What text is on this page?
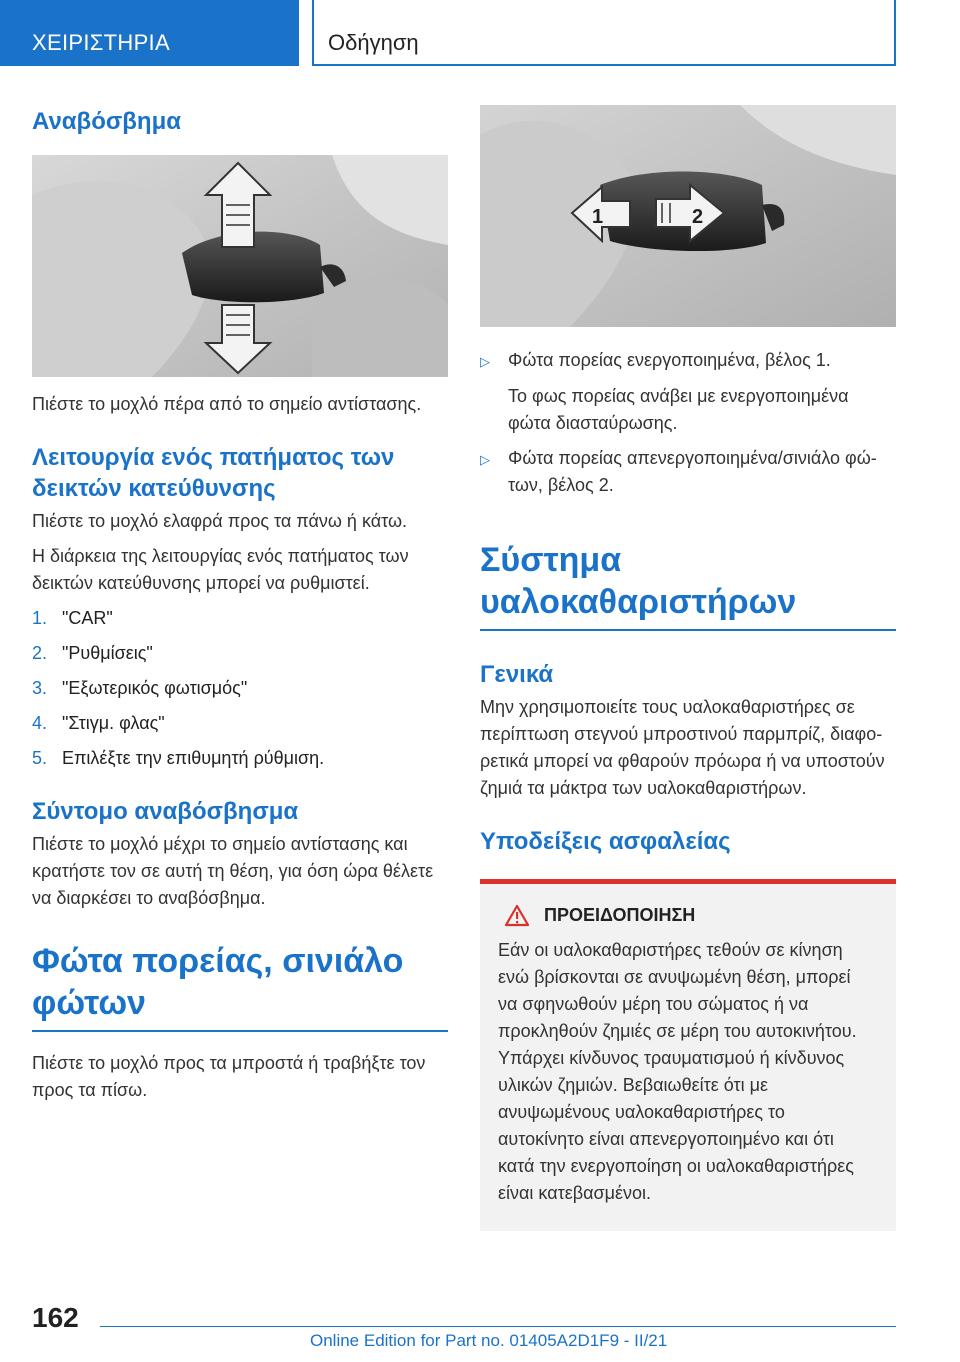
ΧΕΙΡΙΣΤΗΡΙΑ	Οδήγηση
Αναβόσβημα

Πιέστε το μοχλό πέρα από το σημείο αντίστασης.

Λειτουργία ενός πατήματος των δεικτών κατεύθυνσης

Πιέστε το μοχλό ελαφρά προς τα πάνω ή κάτω.

Η διάρκεια της λειτουργίας ενός πατήματος των δεικτών κατεύθυνσης μπορεί να ρυθμιστεί.

1. "CAR"
2. "Ρυθμίσεις"
3. "Εξωτερικός φωτισμός"
4. "Στιγμ. φλας"
5. Επιλέξτε την επιθυμητή ρύθμιση.
Σύντομο αναβόσβησμα

Πιέστε το μοχλό μέχρι το σημείο αντίστασης και κρατήστε τον σε αυτή τη θέση, για όση ώρα θέλετε να διαρκέσει το αναβόσβημα.

Φώτα πορείας, σινιάλο φώτων

Πιέστε το μοχλό προς τα μπροστά ή τραβήξτε τον προς τα πίσω.

1	2
▷	Φώτα πορείας ενεργοποιημένα, βέλος 1.

Το φως πορείας ανάβει με ενεργοποιημένα φώτα διασταύρωσης.

▷	Φώτα πορείας απενεργοποιημένα/σινιάλο φώτων, βέλος 2.
Σύστημα υαλοκαθαριστήρων
Γενικά

Μην χρησιμοποιείτε τους υαλοκαθαριστήρες σε περίπτωση στεγνού μπροστινού παρμπρίζ, διαφορετικά μπορεί να φθαρούν πρόωρα ή να υποστούν ζημιά τα μάκτρα των υαλοκαθαριστήρων.

Υποδείξεις ασφαλείας
ΠΡΟΕΙΔΟΠΟΙΗΣΗ

Εάν οι υαλοκαθαριστήρες τεθούν σε κίνηση ενώ βρίσκονται σε ανυψωμένη θέση, μπορεί να σφηνωθούν μέρη του σώματος ή να προκληθούν ζημιές σε μέρη του αυτοκινήτου. Υπάρχει κίνδυνος τραυματισμού ή κίνδυνος υλικών ζημιών. Βεβαιωθείτε ότι με ανυψωμένους υαλοκαθαριστήρες το αυτοκίνητο είναι απενεργοποιημένο και ότι κατά την ενεργοποίηση οι υαλοκαθαριστήρες είναι κατεβασμένοι.

162
Online Edition for Part no. 01405A2D1F9 - II/21
